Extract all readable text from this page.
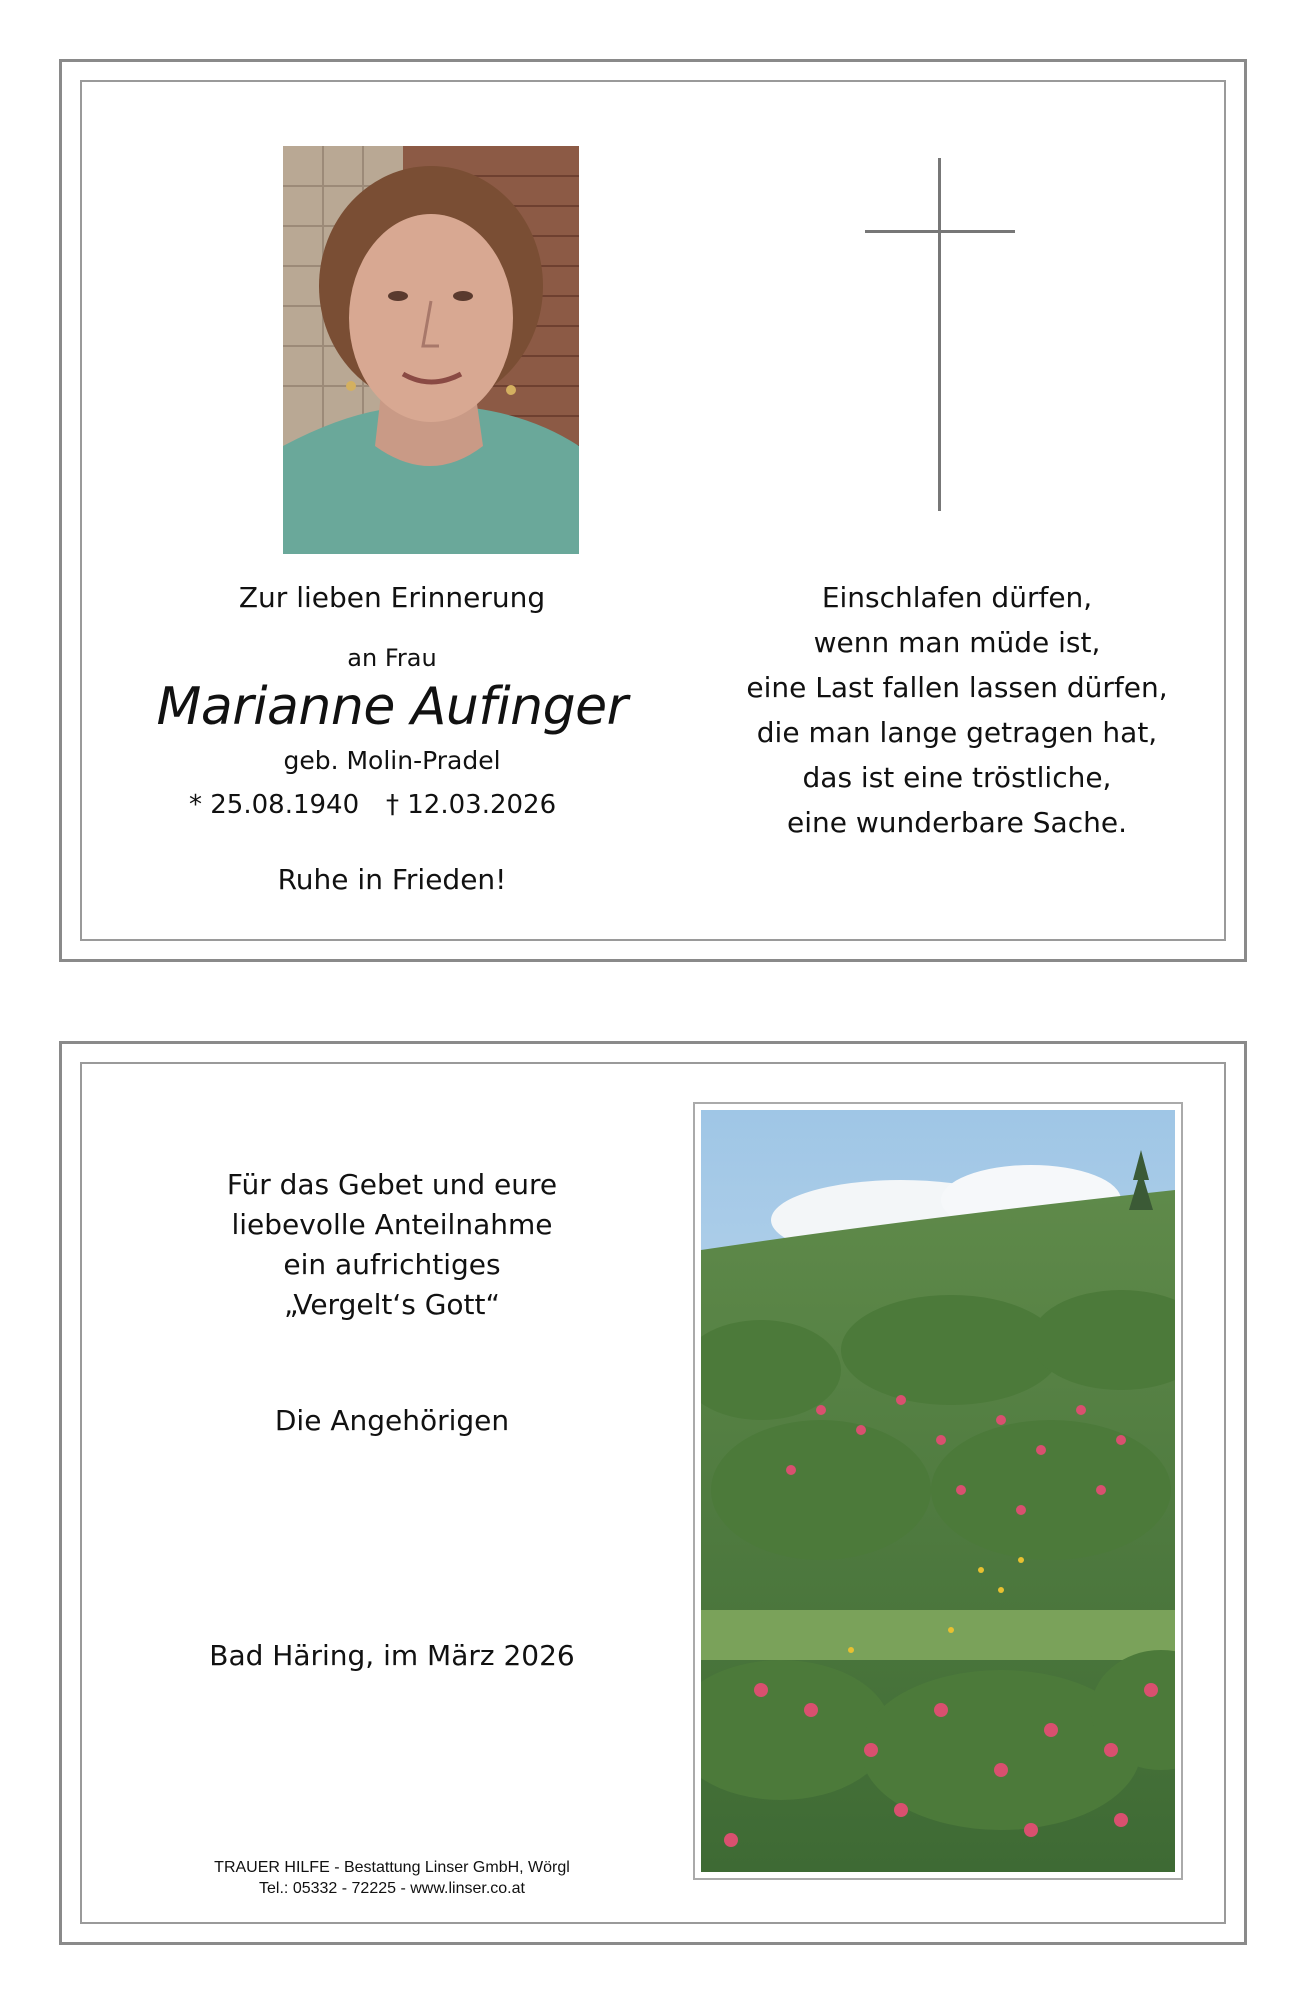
Zur lieben Erinnerung
an Frau
Marianne Aufinger
geb. Molin-Pradel
* 25.08.1940 † 12.03.2026
Ruhe in Frieden!
Einschlafen dürfen,
wenn man müde ist,
eine Last fallen lassen dürfen,
die man lange getragen hat,
das ist eine tröstliche,
eine wunderbare Sache.
Für das Gebet und eure
liebevolle Anteilnahme
ein aufrichtiges
„Vergelt‘s Gott“
Die Angehörigen
Bad Häring, im März 2026
TRAUER HILFE - Bestattung Linser GmbH, Wörgl
Tel.: 05332 - 72225 - www.linser.co.at
